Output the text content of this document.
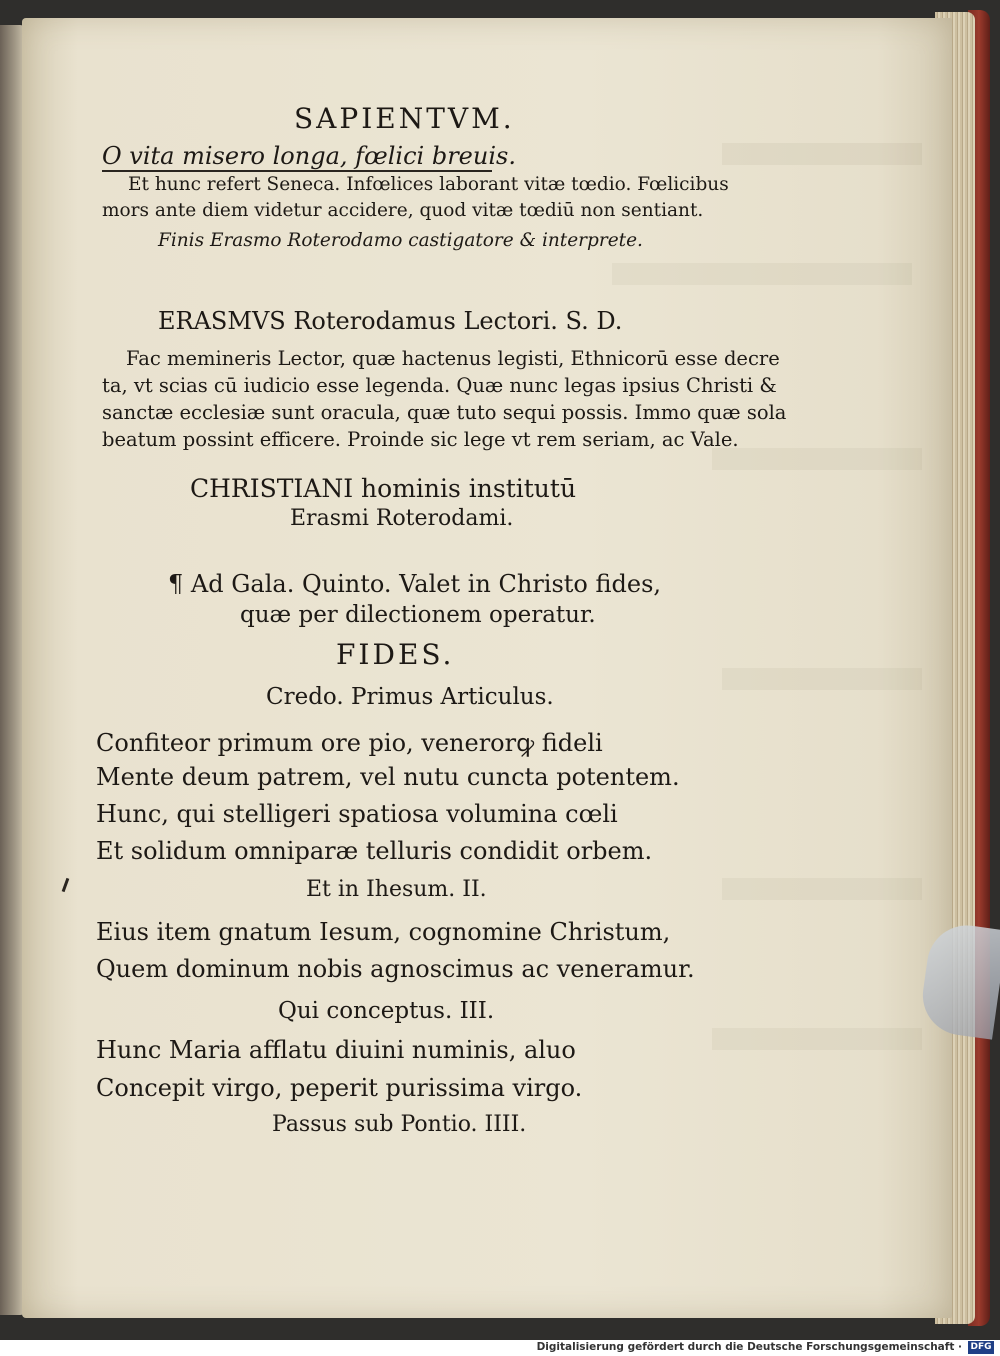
SAPIENTVM.
O vita misero longa, fœlici breuis.
Et hunc refert Seneca. Infœlices laborant vitæ tœdio. Fœlicibus
mors ante diem videtur accidere, quod vitæ tœdiū non sentiant.
Finis Erasmo Roterodamo castigatore & interprete.
ERASMVS Roterodamus Lectori. S. D.
Fac memineris Lector, quæ hactenus legisti, Ethnicorū esse decre
ta, vt scias cū iudicio esse legenda. Quæ nunc legas ipsius Christi &
sanctæ ecclesiæ sunt oracula, quæ tuto sequi possis. Immo quæ sola
beatum possint efficere. Proinde sic lege vt rem seriam, ac Vale.
CHRISTIANI hominis institutū
Erasmi Roterodami.
¶ Ad Gala. Quinto. Valet in Christo fides,
quæ per dilectionem operatur.
FIDES.
Credo. Primus Articulus.
Confiteor primum ore pio, venerorꝙ fideli
Mente deum patrem, vel nutu cuncta potentem.
Hunc, qui stelligeri spatiosa volumina cœli
Et solidum omniparæ telluris condidit orbem.
Et in Ihesum. II.
Eius item gnatum Iesum, cognomine Christum,
Quem dominum nobis agnoscimus ac veneramur.
Qui conceptus. III.
Hunc Maria afflatu diuini numinis, aluo
Concepit virgo, peperit purissima virgo.
Passus sub Pontio. IIII.
Digitalisierung gefördert durch die Deutsche Forschungsgemeinschaft · DFG
